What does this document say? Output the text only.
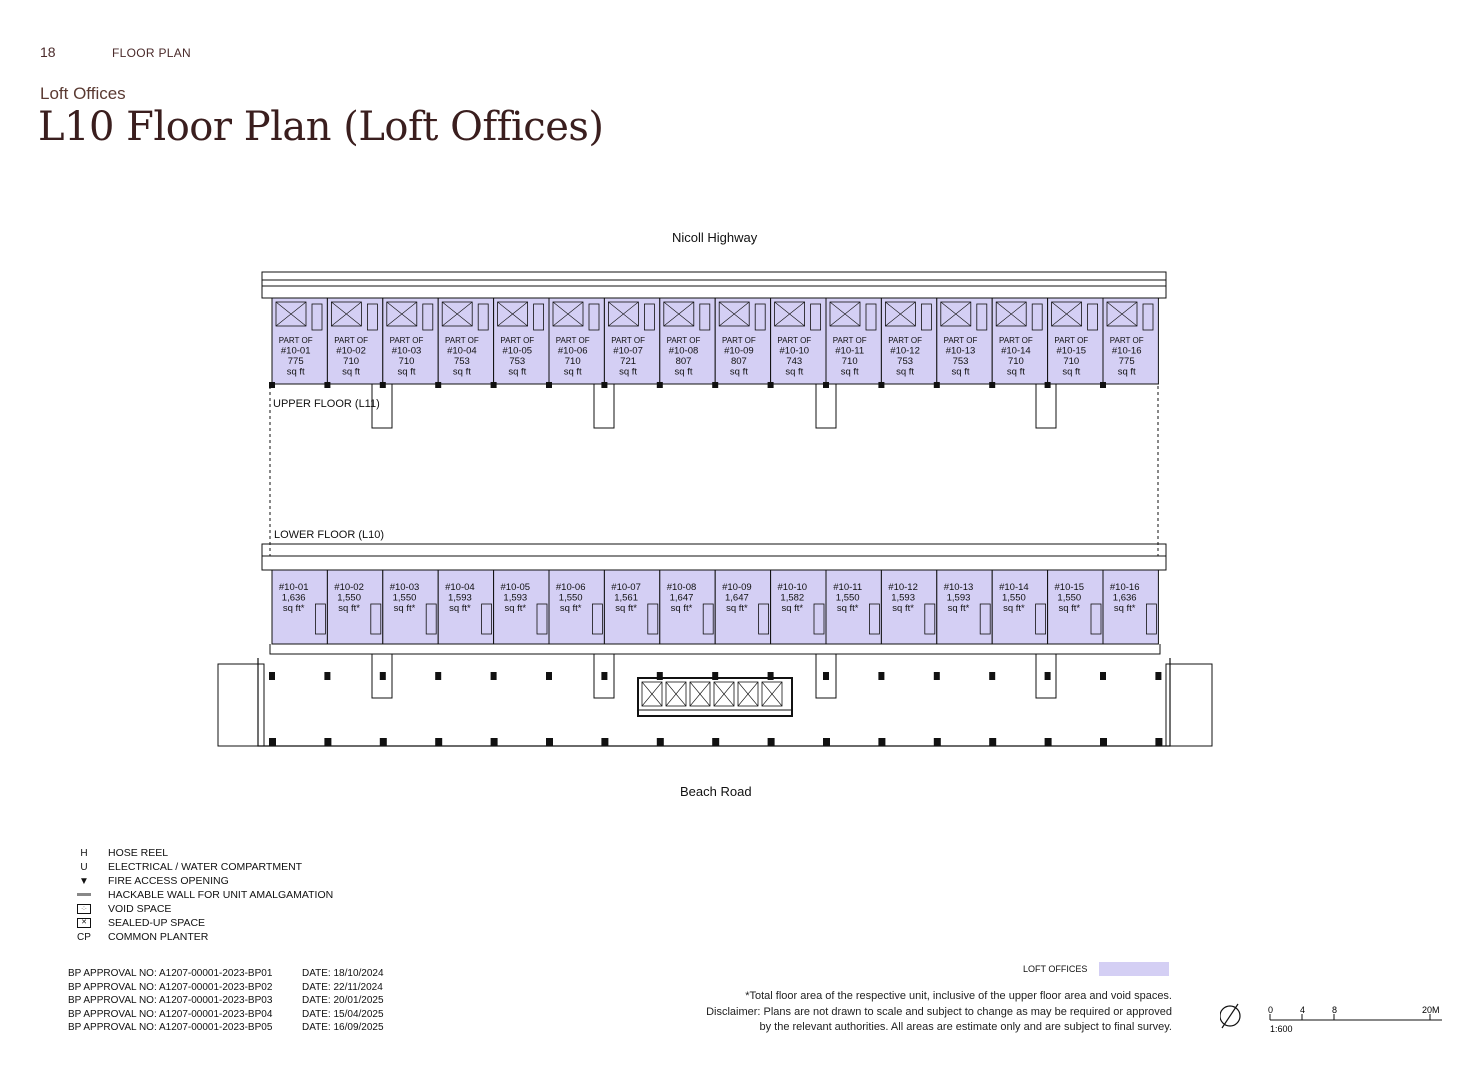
18	FLOOR PLAN
Loft Offices
L10 Floor Plan (Loft Offices)
Nicoll Highway
Beach Road
UPPER FLOOR (L11)
LOWER FLOOR (L10)
PART OF
#10-01
775
sq ft
PART OF
#10-02
710
sq ft
PART OF
#10-03
710
sq ft
PART OF
#10-04
753
sq ft
PART OF
#10-05
753
sq ft
PART OF
#10-06
710
sq ft
PART OF
#10-07
721
sq ft
PART OF
#10-08
807
sq ft
PART OF
#10-09
807
sq ft
PART OF
#10-10
743
sq ft
PART OF
#10-11
710
sq ft
PART OF
#10-12
753
sq ft
PART OF
#10-13
753
sq ft
PART OF
#10-14
710
sq ft
PART OF
#10-15
710
sq ft
PART OF
#10-16
775
sq ft
#10-01
1,636
sq ft*
#10-02
1,550
sq ft*
#10-03
1,550
sq ft*
#10-04
1,593
sq ft*
#10-05
1,593
sq ft*
#10-06
1,550
sq ft*
#10-07
1,561
sq ft*
#10-08
1,647
sq ft*
#10-09
1,647
sq ft*
#10-10
1,582
sq ft*
#10-11
1,550
sq ft*
#10-12
1,593
sq ft*
#10-13
1,593
sq ft*
#10-14
1,550
sq ft*
#10-15
1,550
sq ft*
#10-16
1,636
sq ft*
H	HOSE REEL
U	ELECTRICAL / WATER COMPARTMENT
▼	FIRE ACCESS OPENING
HACKABLE WALL FOR UNIT AMALGAMATION
·:·	VOID SPACE
✕	SEALED-UP SPACE
CP	COMMON PLANTER
BP APPROVAL NO: A1207-00001-2023-BP01	DATE: 18/10/2024
BP APPROVAL NO: A1207-00001-2023-BP02	DATE: 22/11/2024
BP APPROVAL NO: A1207-00001-2023-BP03	DATE: 20/01/2025
BP APPROVAL NO: A1207-00001-2023-BP04	DATE: 15/04/2025
BP APPROVAL NO: A1207-00001-2023-BP05	DATE: 16/09/2025
LOFT OFFICES
*Total floor area of the respective unit, inclusive of the upper floor area and void spaces.
Disclaimer: Plans are not drawn to scale and subject to change as may be required or approved
by the relevant authorities. All areas are estimate only and are subject to final survey.
0	4	8	20M
1:600
